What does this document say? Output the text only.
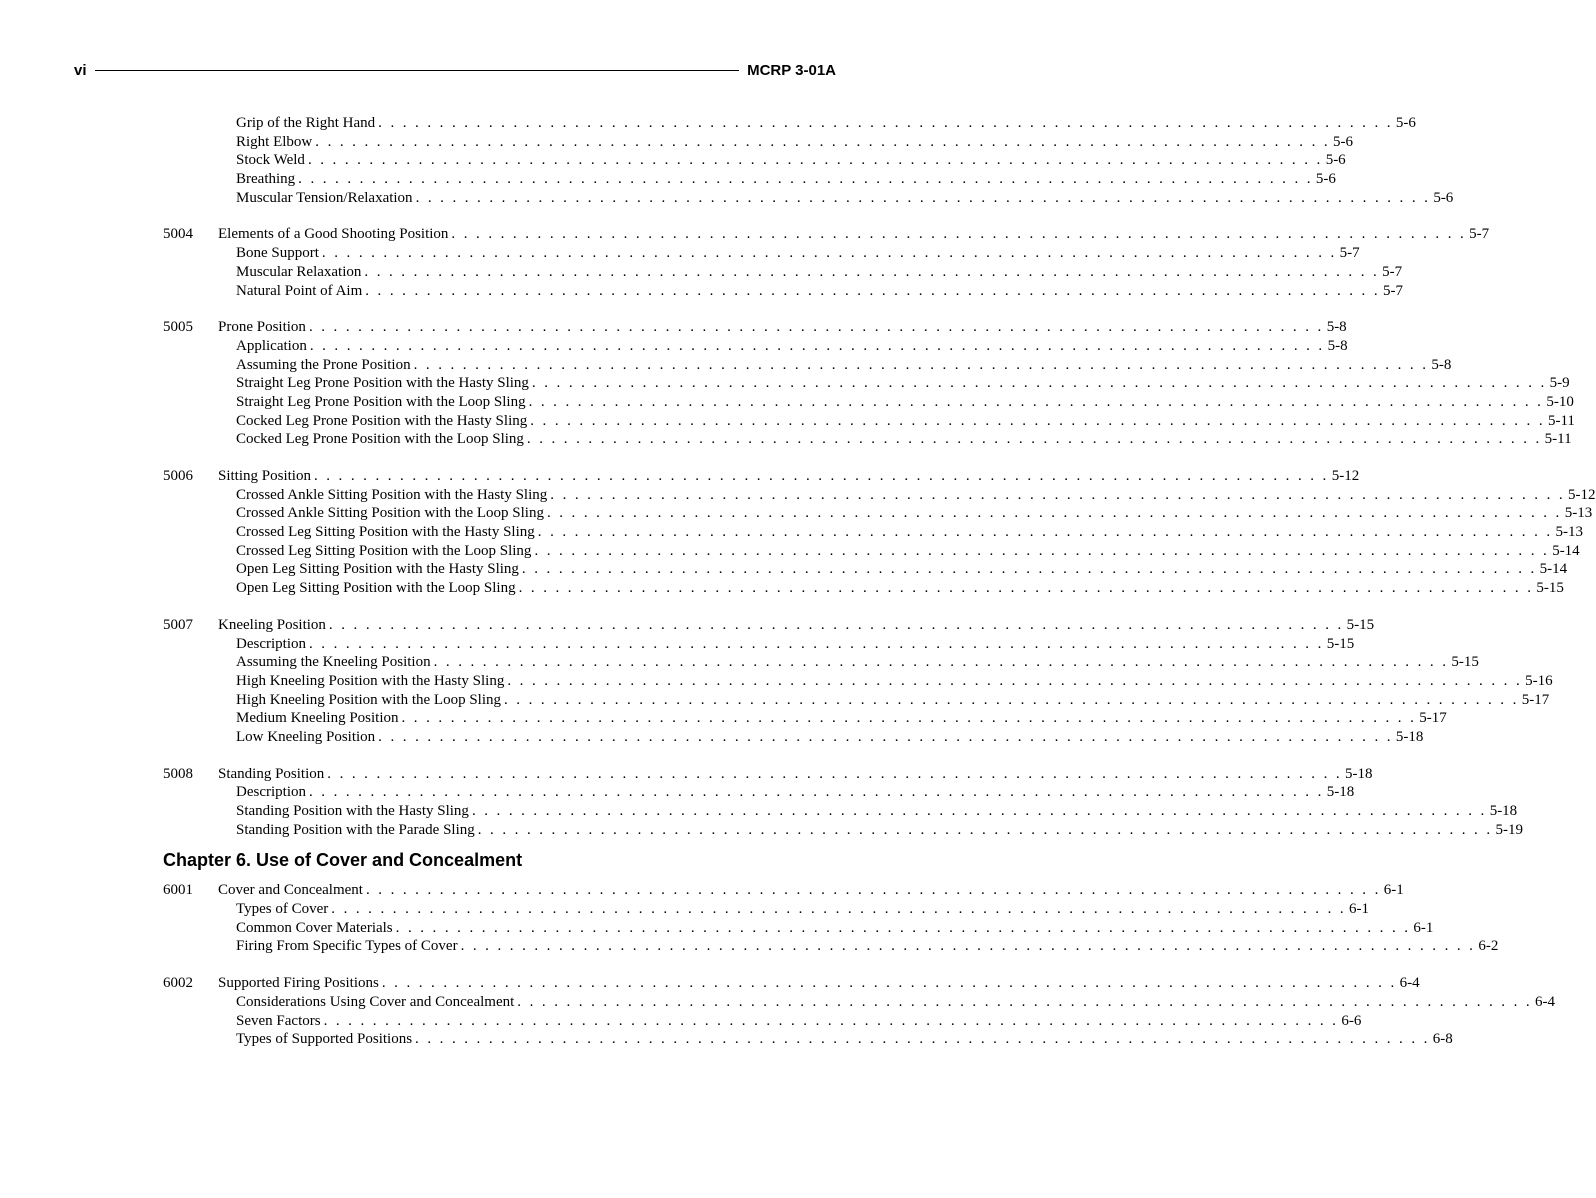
vi	MCRP 3-01A
Grip of the Right Hand . . . . . . . . . . . . . . . . . . . . . . . . . . . . . . . . . . . . . . . . . . . . . . . . . . . . . . . . . . . . . . . . . . . . . . . . . . . . . . . . . . . 5-6
Right Elbow . . . . . . . . . . . . . . . . . . . . . . . . . . . . . . . . . . . . . . . . . . . . . . . . . . . . . . . . . . . . . . . . . . . . . . . . . . . . . . . . . . . 5-6
Stock Weld . . . . . . . . . . . . . . . . . . . . . . . . . . . . . . . . . . . . . . . . . . . . . . . . . . . . . . . . . . . . . . . . . . . . . . . . . . . . . . . . . . . 5-6
Breathing . . . . . . . . . . . . . . . . . . . . . . . . . . . . . . . . . . . . . . . . . . . . . . . . . . . . . . . . . . . . . . . . . . . . . . . . . . . . . . . . . . . 5-6
Muscular Tension/Relaxation . . . . . . . . . . . . . . . . . . . . . . . . . . . . . . . . . . . . . . . . . . . . . . . . . . . . . . . . . . . . . . . . . . . . . . . . . . . . . . . . . . . 5-6
5004	Elements of a Good Shooting Position . . . . . . . . . . . . . . . . . . . . . . . . . . . . . . . . . . . . . . . . . . . . . . . . . . . . . . . . . . . . . . . . . . . . . . . . . . . . . . . . . . . 5-7
Bone Support . . . . . . . . . . . . . . . . . . . . . . . . . . . . . . . . . . . . . . . . . . . . . . . . . . . . . . . . . . . . . . . . . . . . . . . . . . . . . . . . . . . 5-7
Muscular Relaxation . . . . . . . . . . . . . . . . . . . . . . . . . . . . . . . . . . . . . . . . . . . . . . . . . . . . . . . . . . . . . . . . . . . . . . . . . . . . . . . . . . . 5-7
Natural Point of Aim . . . . . . . . . . . . . . . . . . . . . . . . . . . . . . . . . . . . . . . . . . . . . . . . . . . . . . . . . . . . . . . . . . . . . . . . . . . . . . . . . . . 5-7
5005	Prone Position . . . . . . . . . . . . . . . . . . . . . . . . . . . . . . . . . . . . . . . . . . . . . . . . . . . . . . . . . . . . . . . . . . . . . . . . . . . . . . . . . . . 5-8
Application . . . . . . . . . . . . . . . . . . . . . . . . . . . . . . . . . . . . . . . . . . . . . . . . . . . . . . . . . . . . . . . . . . . . . . . . . . . . . . . . . . . 5-8
Assuming the Prone Position . . . . . . . . . . . . . . . . . . . . . . . . . . . . . . . . . . . . . . . . . . . . . . . . . . . . . . . . . . . . . . . . . . . . . . . . . . . . . . . . . . . 5-8
Straight Leg Prone Position with the Hasty Sling . . . . . . . . . . . . . . . . . . . . . . . . . . . . . . . . . . . . . . . . . . . . . . . . . . . . . . . . . . . . . . . . . . . . . . . . . . . . . . . . . . . 5-9
Straight Leg Prone Position with the Loop Sling . . . . . . . . . . . . . . . . . . . . . . . . . . . . . . . . . . . . . . . . . . . . . . . . . . . . . . . . . . . . . . . . . . . . . . . . . . . . . . . . . . . 5-10
Cocked Leg Prone Position with the Hasty Sling . . . . . . . . . . . . . . . . . . . . . . . . . . . . . . . . . . . . . . . . . . . . . . . . . . . . . . . . . . . . . . . . . . . . . . . . . . . . . . . . . . . 5-11
Cocked Leg Prone Position with the Loop Sling . . . . . . . . . . . . . . . . . . . . . . . . . . . . . . . . . . . . . . . . . . . . . . . . . . . . . . . . . . . . . . . . . . . . . . . . . . . . . . . . . . . 5-11
5006	Sitting Position . . . . . . . . . . . . . . . . . . . . . . . . . . . . . . . . . . . . . . . . . . . . . . . . . . . . . . . . . . . . . . . . . . . . . . . . . . . . . . . . . . . 5-12
Crossed Ankle Sitting Position with the Hasty Sling . . . . . . . . . . . . . . . . . . . . . . . . . . . . . . . . . . . . . . . . . . . . . . . . . . . . . . . . . . . . . . . . . . . . . . . . . . . . . . . . . . . 5-12
Crossed Ankle Sitting Position with the Loop Sling . . . . . . . . . . . . . . . . . . . . . . . . . . . . . . . . . . . . . . . . . . . . . . . . . . . . . . . . . . . . . . . . . . . . . . . . . . . . . . . . . . . 5-13
Crossed Leg Sitting Position with the Hasty Sling . . . . . . . . . . . . . . . . . . . . . . . . . . . . . . . . . . . . . . . . . . . . . . . . . . . . . . . . . . . . . . . . . . . . . . . . . . . . . . . . . . . 5-13
Crossed Leg Sitting Position with the Loop Sling . . . . . . . . . . . . . . . . . . . . . . . . . . . . . . . . . . . . . . . . . . . . . . . . . . . . . . . . . . . . . . . . . . . . . . . . . . . . . . . . . . . 5-14
Open Leg Sitting Position with the Hasty Sling . . . . . . . . . . . . . . . . . . . . . . . . . . . . . . . . . . . . . . . . . . . . . . . . . . . . . . . . . . . . . . . . . . . . . . . . . . . . . . . . . . . 5-14
Open Leg Sitting Position with the Loop Sling . . . . . . . . . . . . . . . . . . . . . . . . . . . . . . . . . . . . . . . . . . . . . . . . . . . . . . . . . . . . . . . . . . . . . . . . . . . . . . . . . . . 5-15
5007	Kneeling Position . . . . . . . . . . . . . . . . . . . . . . . . . . . . . . . . . . . . . . . . . . . . . . . . . . . . . . . . . . . . . . . . . . . . . . . . . . . . . . . . . . . 5-15
Description . . . . . . . . . . . . . . . . . . . . . . . . . . . . . . . . . . . . . . . . . . . . . . . . . . . . . . . . . . . . . . . . . . . . . . . . . . . . . . . . . . . 5-15
Assuming the Kneeling Position . . . . . . . . . . . . . . . . . . . . . . . . . . . . . . . . . . . . . . . . . . . . . . . . . . . . . . . . . . . . . . . . . . . . . . . . . . . . . . . . . . . 5-15
High Kneeling Position with the Hasty Sling . . . . . . . . . . . . . . . . . . . . . . . . . . . . . . . . . . . . . . . . . . . . . . . . . . . . . . . . . . . . . . . . . . . . . . . . . . . . . . . . . . . 5-16
High Kneeling Position with the Loop Sling . . . . . . . . . . . . . . . . . . . . . . . . . . . . . . . . . . . . . . . . . . . . . . . . . . . . . . . . . . . . . . . . . . . . . . . . . . . . . . . . . . . 5-17
Medium Kneeling Position . . . . . . . . . . . . . . . . . . . . . . . . . . . . . . . . . . . . . . . . . . . . . . . . . . . . . . . . . . . . . . . . . . . . . . . . . . . . . . . . . . . 5-17
Low Kneeling Position . . . . . . . . . . . . . . . . . . . . . . . . . . . . . . . . . . . . . . . . . . . . . . . . . . . . . . . . . . . . . . . . . . . . . . . . . . . . . . . . . . . 5-18
5008	Standing Position . . . . . . . . . . . . . . . . . . . . . . . . . . . . . . . . . . . . . . . . . . . . . . . . . . . . . . . . . . . . . . . . . . . . . . . . . . . . . . . . . . . 5-18
Description . . . . . . . . . . . . . . . . . . . . . . . . . . . . . . . . . . . . . . . . . . . . . . . . . . . . . . . . . . . . . . . . . . . . . . . . . . . . . . . . . . . 5-18
Standing Position with the Hasty Sling . . . . . . . . . . . . . . . . . . . . . . . . . . . . . . . . . . . . . . . . . . . . . . . . . . . . . . . . . . . . . . . . . . . . . . . . . . . . . . . . . . . 5-18
Standing Position with the Parade Sling . . . . . . . . . . . . . . . . . . . . . . . . . . . . . . . . . . . . . . . . . . . . . . . . . . . . . . . . . . . . . . . . . . . . . . . . . . . . . . . . . . . 5-19
Chapter 6. Use of Cover and Concealment
6001	Cover and Concealment . . . . . . . . . . . . . . . . . . . . . . . . . . . . . . . . . . . . . . . . . . . . . . . . . . . . . . . . . . . . . . . . . . . . . . . . . . . . . . . . . . . 6-1
Types of Cover . . . . . . . . . . . . . . . . . . . . . . . . . . . . . . . . . . . . . . . . . . . . . . . . . . . . . . . . . . . . . . . . . . . . . . . . . . . . . . . . . . . 6-1
Common Cover Materials . . . . . . . . . . . . . . . . . . . . . . . . . . . . . . . . . . . . . . . . . . . . . . . . . . . . . . . . . . . . . . . . . . . . . . . . . . . . . . . . . . . 6-1
Firing From Specific Types of Cover . . . . . . . . . . . . . . . . . . . . . . . . . . . . . . . . . . . . . . . . . . . . . . . . . . . . . . . . . . . . . . . . . . . . . . . . . . . . . . . . . . . 6-2
6002	Supported Firing Positions . . . . . . . . . . . . . . . . . . . . . . . . . . . . . . . . . . . . . . . . . . . . . . . . . . . . . . . . . . . . . . . . . . . . . . . . . . . . . . . . . . . 6-4
Considerations Using Cover and Concealment . . . . . . . . . . . . . . . . . . . . . . . . . . . . . . . . . . . . . . . . . . . . . . . . . . . . . . . . . . . . . . . . . . . . . . . . . . . . . . . . . . . 6-4
Seven Factors . . . . . . . . . . . . . . . . . . . . . . . . . . . . . . . . . . . . . . . . . . . . . . . . . . . . . . . . . . . . . . . . . . . . . . . . . . . . . . . . . . . 6-6
Types of Supported Positions . . . . . . . . . . . . . . . . . . . . . . . . . . . . . . . . . . . . . . . . . . . . . . . . . . . . . . . . . . . . . . . . . . . . . . . . . . . . . . . . . . . 6-8
